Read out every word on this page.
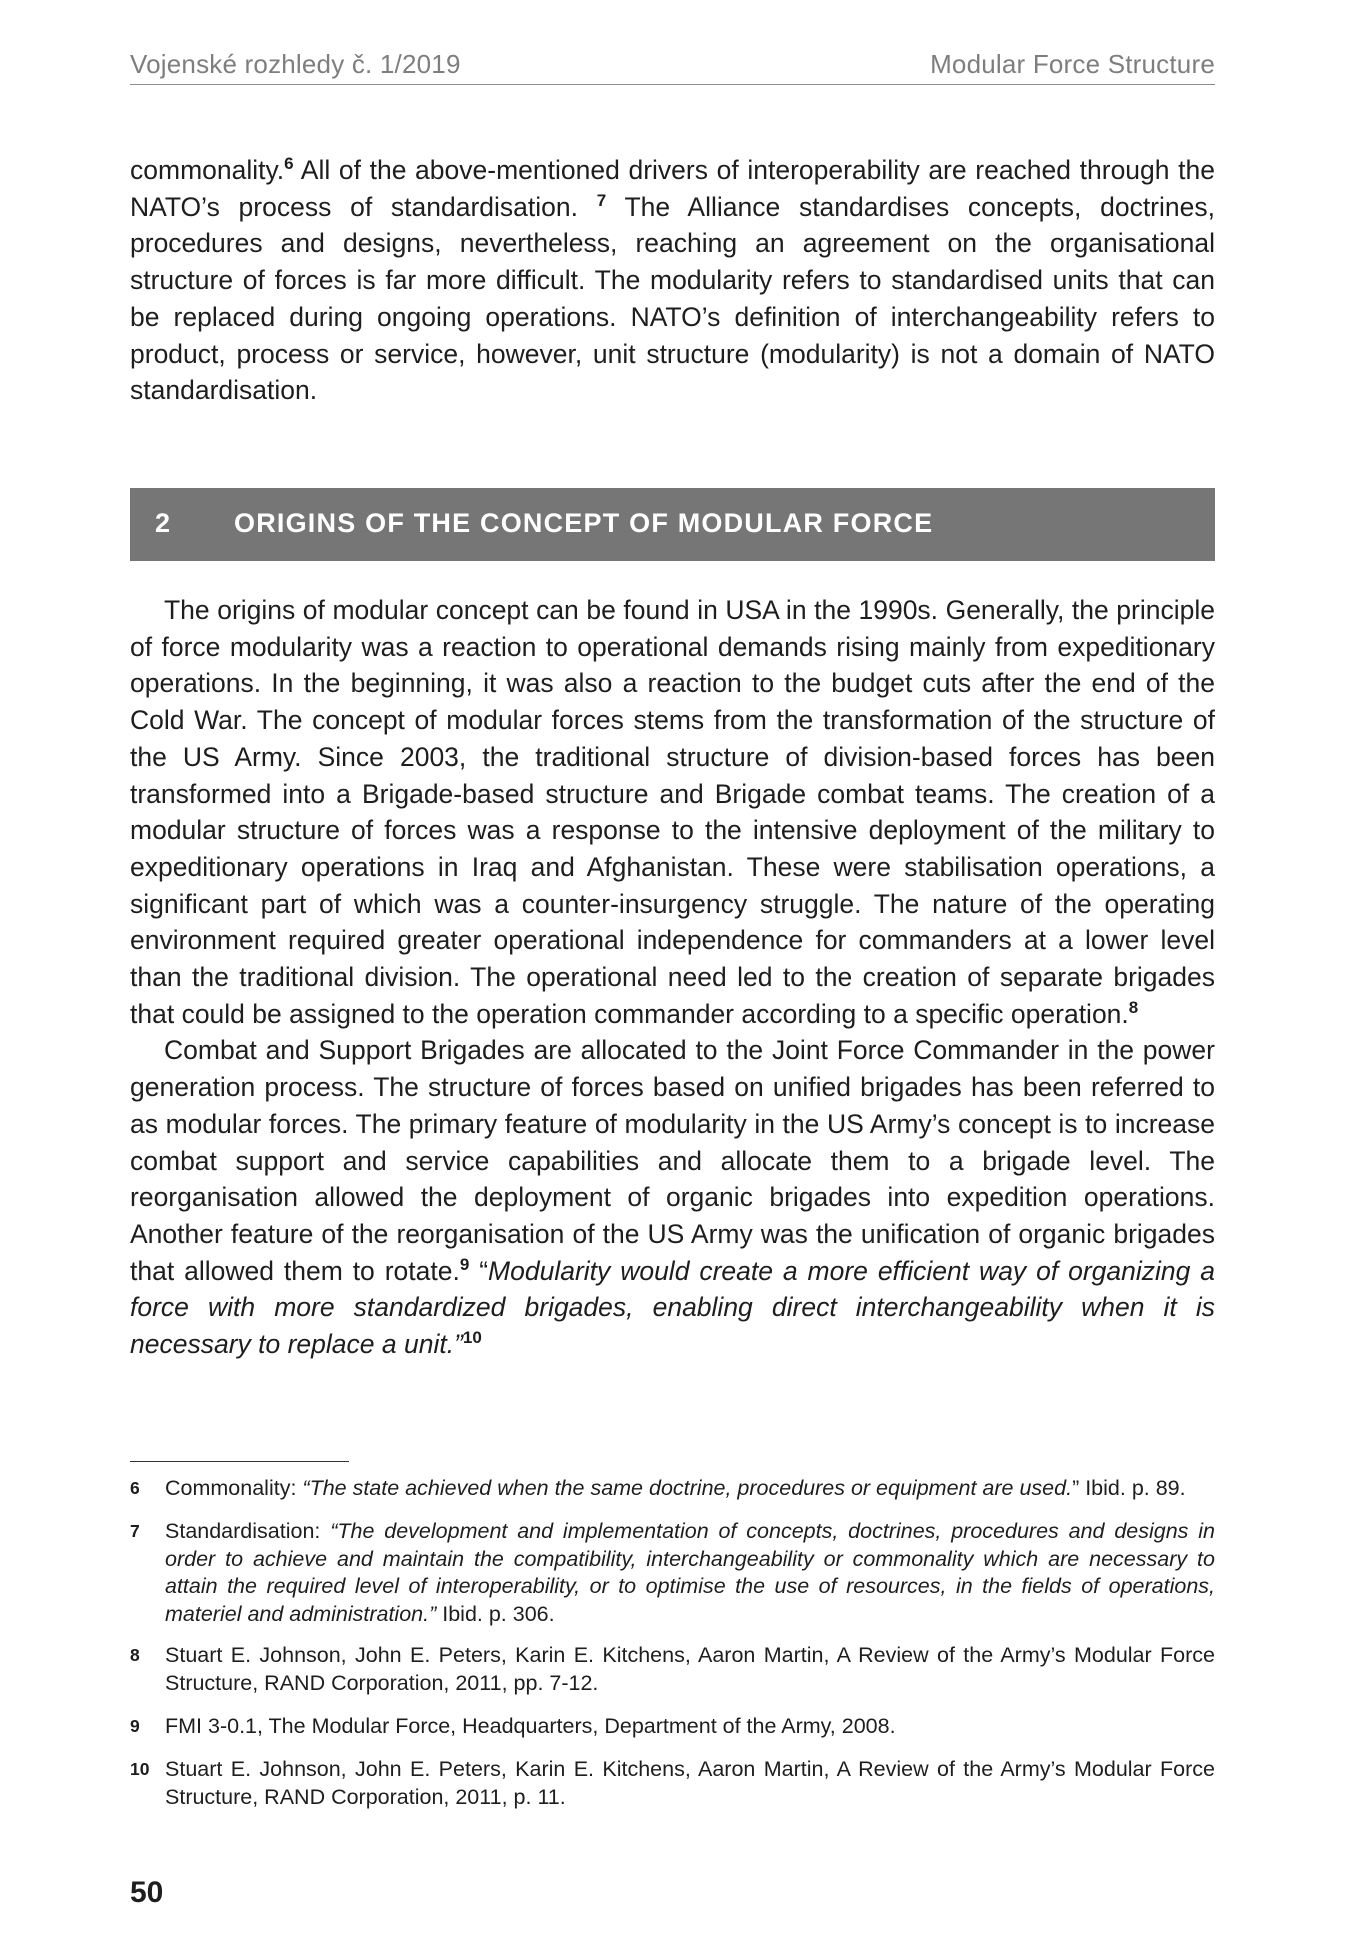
Vojenské rozhledy č. 1/2019	Modular Force Structure

commonality.$^6$ All of the above-mentioned drivers of interoperability are reached through the NATO’s process of standardisation. $^7$ The Alliance standardises concepts, doctrines, procedures and designs, nevertheless, reaching an agreement on the organisational structure of forces is far more difficult. The modularity refers to standardised units that can be replaced during ongoing operations. NATO’s definition of interchangeability refers to product, process or service, however, unit structure (modularity) is not a domain of NATO standardisation.

2 ORIGINS OF THE CONCEPT OF MODULAR FORCE

The origins of modular concept can be found in USA in the 1990s. Generally, the principle of force modularity was a reaction to operational demands rising mainly from expeditionary operations. In the beginning, it was also a reaction to the budget cuts after the end of the Cold War. The concept of modular forces stems from the transformation of the structure of the US Army. Since 2003, the traditional structure of division-based forces has been transformed into a Brigade-based structure and Brigade combat teams. The creation of a modular structure of forces was a response to the intensive deployment of the military to expeditionary operations in Iraq and Afghanistan. These were stabilisation operations, a significant part of which was a counter-insurgency struggle. The nature of the operating environment required greater operational independence for commanders at a lower level than the traditional division. The operational need led to the creation of separate brigades that could be assigned to the operation commander according to a specific operation.$^8$

Combat and Support Brigades are allocated to the Joint Force Commander in the power generation process. The structure of forces based on unified brigades has been referred to as modular forces. The primary feature of modularity in the US Army’s concept is to increase combat support and service capabilities and allocate them to a brigade level. The reorganisation allowed the deployment of organic brigades into expedition operations. Another feature of the reorganisation of the US Army was the unification of organic brigades that allowed them to rotate.$^9$ “Modularity would create a more efficient way of organizing a force with more standardized brigades, enabling direct interchangeability when it is necessary to replace a unit.”$^{10}$

6 Commonality: “The state achieved when the same doctrine, procedures or equipment are used.” Ibid. p. 89.
7 Standardisation: “The development and implementation of concepts, doctrines, procedures and designs in order to achieve and maintain the compatibility, interchangeability or commonality which are necessary to attain the required level of interoperability, or to optimise the use of resources, in the fields of operations, materiel and administration.” Ibid. p. 306.
8 Stuart E. Johnson, John E. Peters, Karin E. Kitchens, Aaron Martin, A Review of the Army’s Modular Force Structure, RAND Corporation, 2011, pp. 7-12.
9 FMI 3-0.1, The Modular Force, Headquarters, Department of the Army, 2008.
10 Stuart E. Johnson, John E. Peters, Karin E. Kitchens, Aaron Martin, A Review of the Army’s Modular Force Structure, RAND Corporation, 2011, p. 11.
50
